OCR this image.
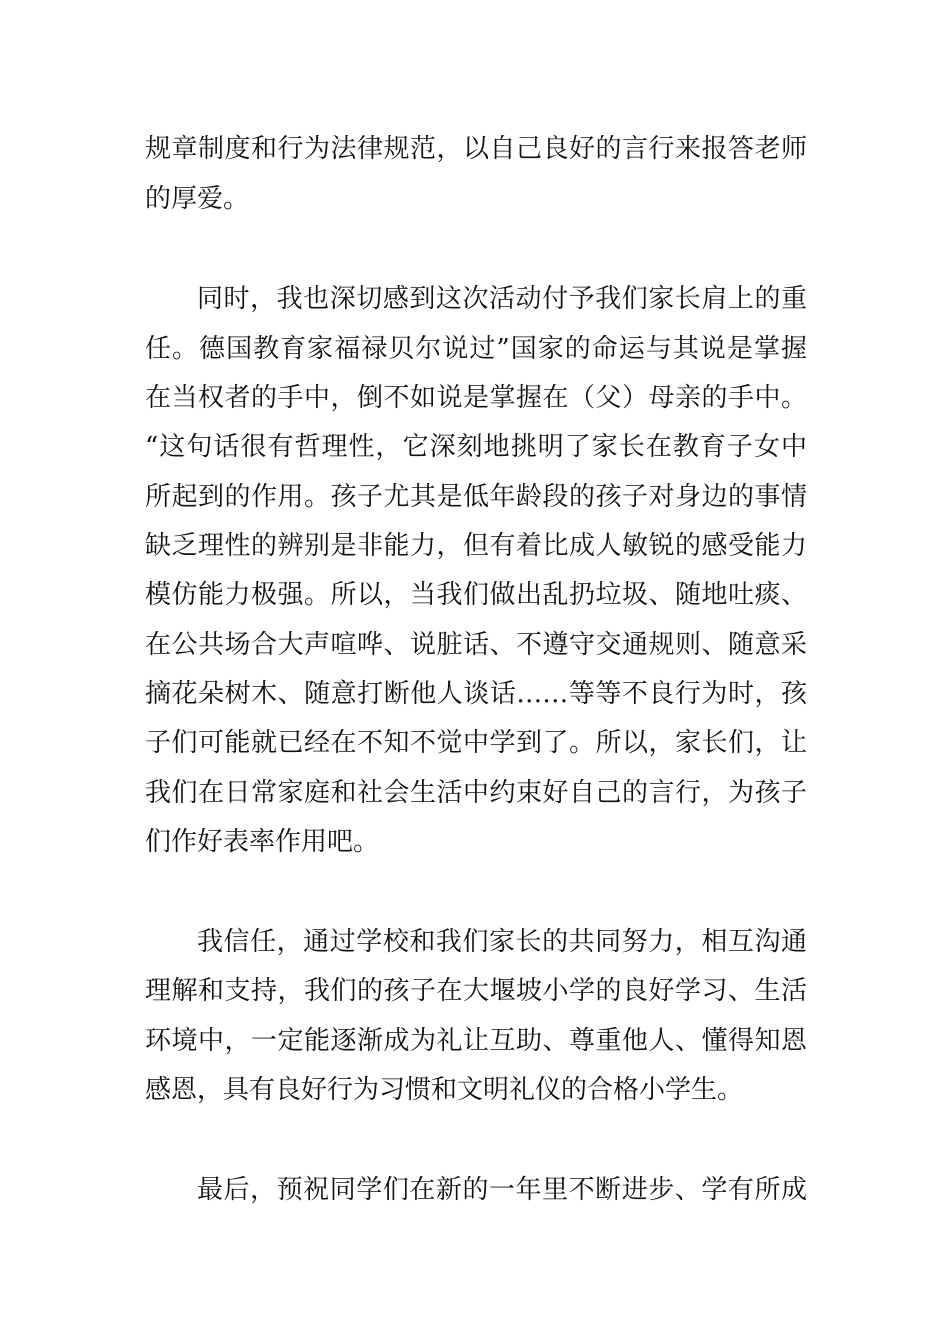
规章制度和行为法律规范，以自己良好的言行来报答老师
的厚爱。
同时，我也深切感到这次活动付予我们家长肩上的重
任。德国教育家福禄贝尔说过”国家的命运与其说是掌握
在当权者的手中，倒不如说是掌握在（父）母亲的手中。
“这句话很有哲理性，它深刻地挑明了家长在教育子女中
所起到的作用。孩子尤其是低年龄段的孩子对身边的事情
缺乏理性的辨别是非能力，但有着比成人敏锐的感受能力
模仿能力极强。所以，当我们做出乱扔垃圾、随地吐痰、
在公共场合大声喧哗、说脏话、不遵守交通规则、随意采
摘花朵树木、随意打断他人谈话……等等不良行为时，孩
子们可能就已经在不知不觉中学到了。所以，家长们，让
我们在日常家庭和社会生活中约束好自己的言行，为孩子
们作好表率作用吧。
我信任，通过学校和我们家长的共同努力，相互沟通
理解和支持，我们的孩子在大堰坡小学的良好学习、生活
环境中，一定能逐渐成为礼让互助、尊重他人、懂得知恩
感恩，具有良好行为习惯和文明礼仪的合格小学生。
最后，预祝同学们在新的一年里不断进步、学有所成
